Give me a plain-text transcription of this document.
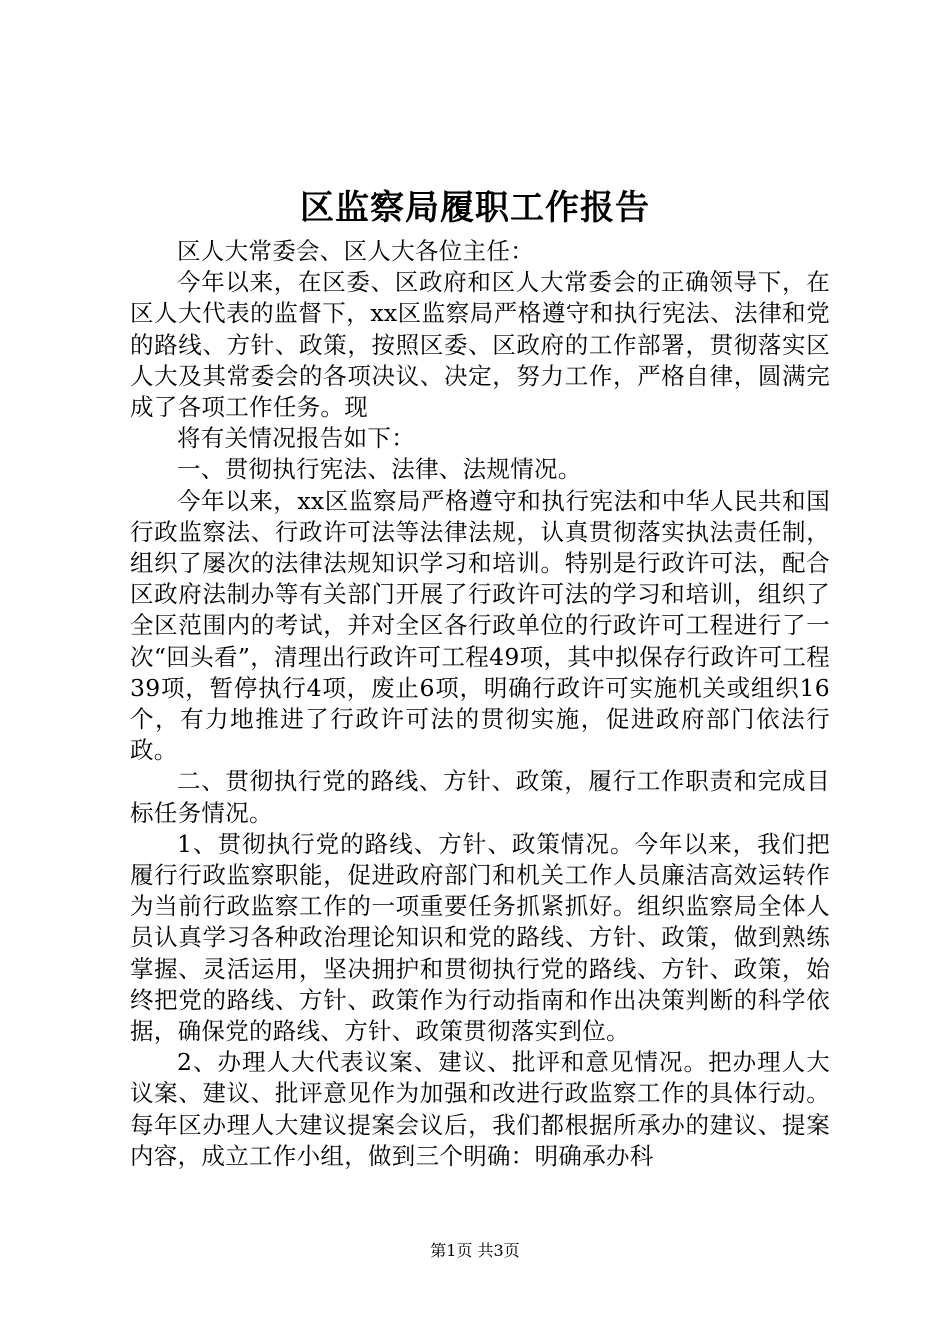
区监察局履职工作报告

区人大常委会、区人大各位主任：

今年以来，在区委、区政府和区人大常委会的正确领导下，在区人大代表的监督下，xx区监察局严格遵守和执行宪法、法律和党的路线、方针、政策，按照区委、区政府的工作部署，贯彻落实区人大及其常委会的各项决议、决定，努力工作，严格自律，圆满完成了各项工作任务。现

将有关情况报告如下：

一、贯彻执行宪法、法律、法规情况。

今年以来，xx区监察局严格遵守和执行宪法和中华人民共和国行政监察法、行政许可法等法律法规，认真贯彻落实执法责任制，组织了屡次的法律法规知识学习和培训。特别是行政许可法，配合区政府法制办等有关部门开展了行政许可法的学习和培训，组织了全区范围内的考试，并对全区各行政单位的行政许可工程进行了一次“回头看”，清理出行政许可工程49项，其中拟保存行政许可工程39项，暂停执行4项，废止6项，明确行政许可实施机关或组织16个，有力地推进了行政许可法的贯彻实施，促进政府部门依法行政。

二、贯彻执行党的路线、方针、政策，履行工作职责和完成目标任务情况。

1、贯彻执行党的路线、方针、政策情况。今年以来，我们把履行行政监察职能，促进政府部门和机关工作人员廉洁高效运转作为当前行政监察工作的一项重要任务抓紧抓好。组织监察局全体人员认真学习各种政治理论知识和党的路线、方针、政策，做到熟练掌握、灵活运用，坚决拥护和贯彻执行党的路线、方针、政策，始终把党的路线、方针、政策作为行动指南和作出决策判断的科学依据，确保党的路线、方针、政策贯彻落实到位。

2、办理人大代表议案、建议、批评和意见情况。把办理人大议案、建议、批评意见作为加强和改进行政监察工作的具体行动。每年区办理人大建议提案会议后，我们都根据所承办的建议、提案内容，成立工作小组，做到三个明确：明确承办科

第1页 共3页
